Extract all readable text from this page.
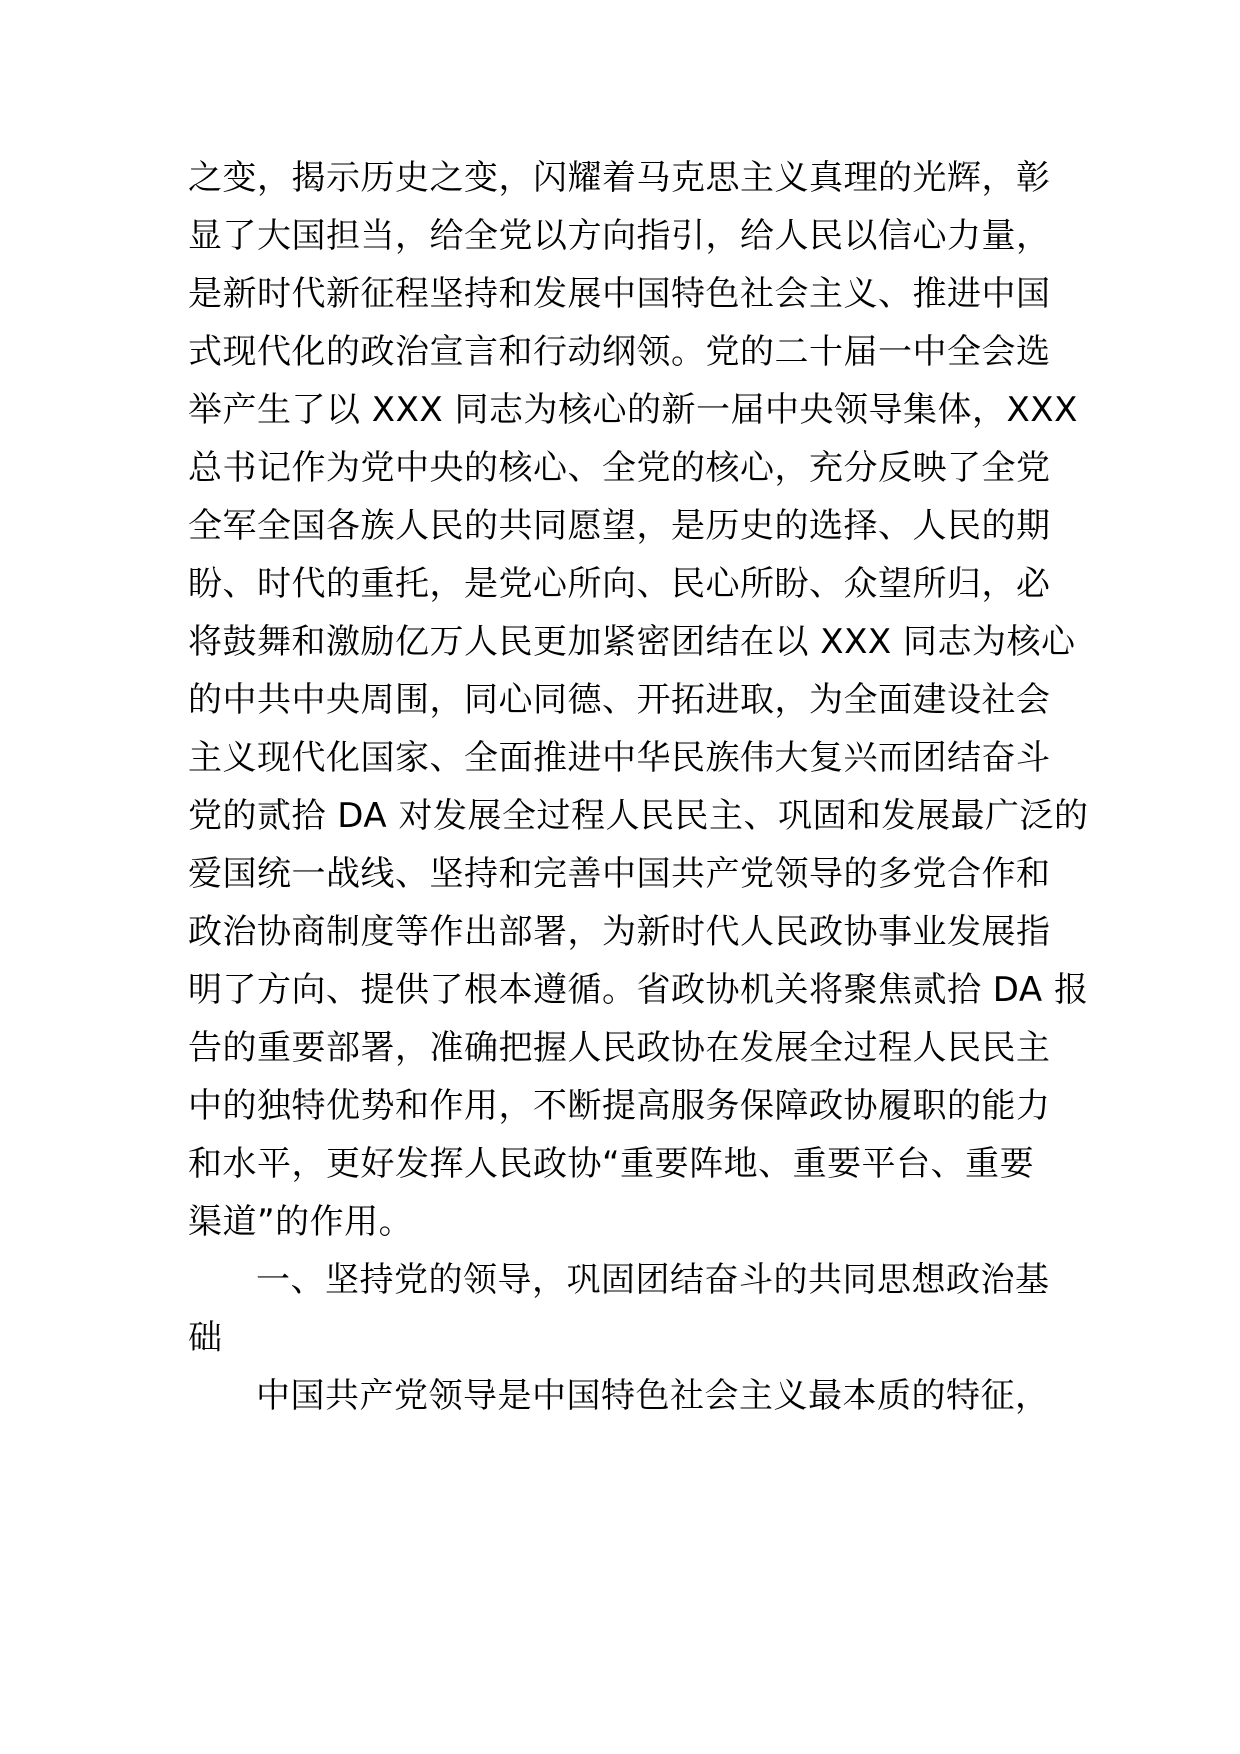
之变，揭示历史之变，闪耀着马克思主义真理的光辉，彰
显了大国担当，给全党以方向指引，给人民以信心力量，
是新时代新征程坚持和发展中国特色社会主义、推进中国
式现代化的政治宣言和行动纲领。党的二十届一中全会选
举产生了以 XXX 同志为核心的新一届中央领导集体，XXX
总书记作为党中央的核心、全党的核心，充分反映了全党
全军全国各族人民的共同愿望，是历史的选择、人民的期
盼、时代的重托，是党心所向、民心所盼、众望所归，必
将鼓舞和激励亿万人民更加紧密团结在以 XXX 同志为核心
的中共中央周围，同心同德、开拓进取，为全面建设社会
主义现代化国家、全面推进中华民族伟大复兴而团结奋斗
党的贰拾 DA 对发展全过程人民民主、巩固和发展最广泛的
爱国统一战线、坚持和完善中国共产党领导的多党合作和
政治协商制度等作出部署，为新时代人民政协事业发展指
明了方向、提供了根本遵循。省政协机关将聚焦贰拾 DA 报
告的重要部署，准确把握人民政协在发展全过程人民民主
中的独特优势和作用，不断提高服务保障政协履职的能力
和水平，更好发挥人民政协“重要阵地、重要平台、重要
渠道”的作用。
一、坚持党的领导，巩固团结奋斗的共同思想政治基
础
中国共产党领导是中国特色社会主义最本质的特征，
